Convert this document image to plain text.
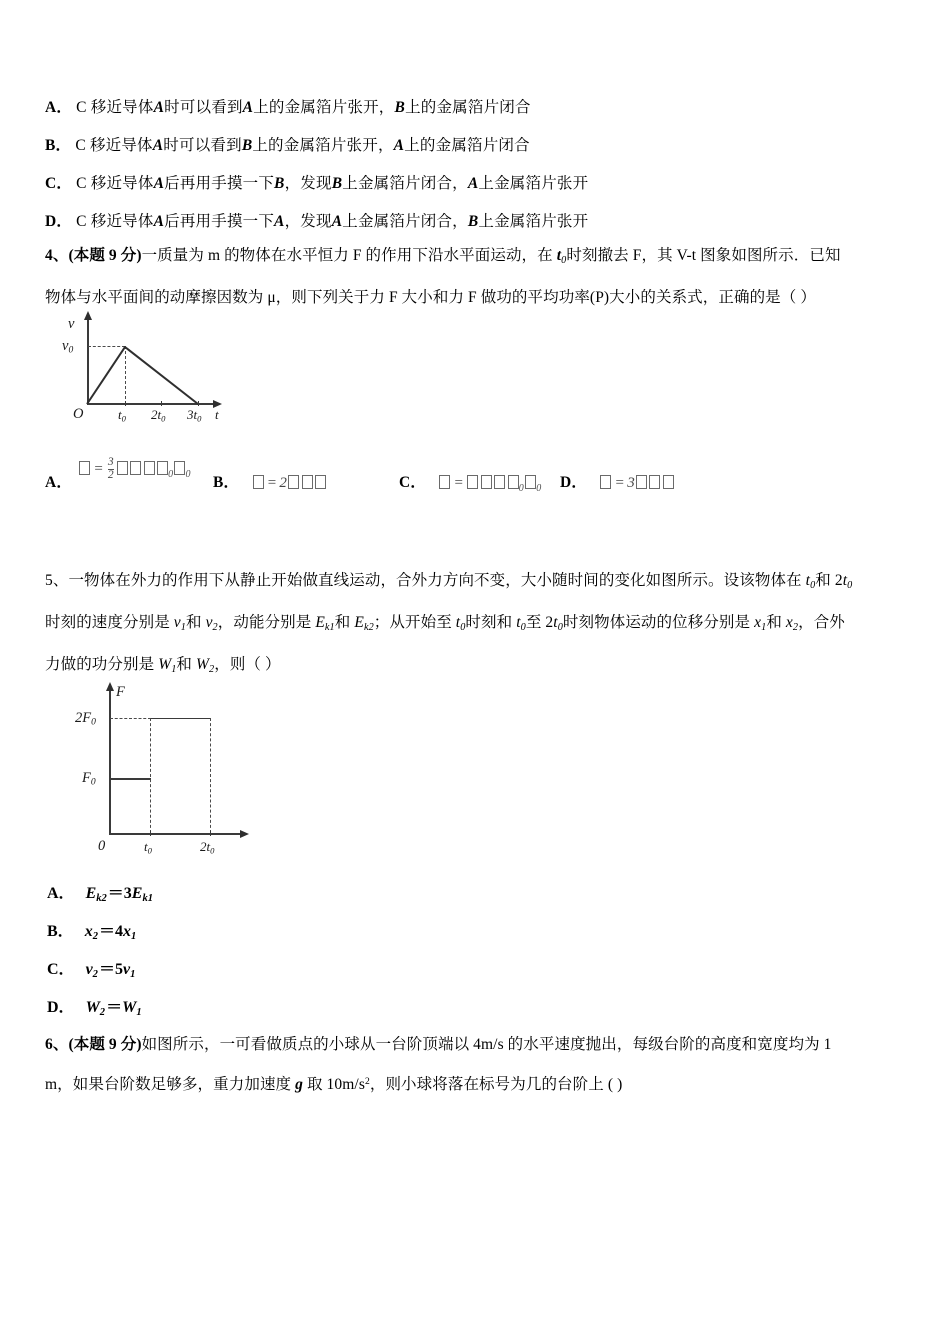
A． C 移近导体A时可以看到A上的金属箔片张开，B上的金属箔片闭合
B． C 移近导体A时可以看到B上的金属箔片张开，A上的金属箔片闭合
C． C 移近导体A后再用手摸一下B，发现B上金属箔片闭合，A上金属箔片张开
D． C 移近导体A后再用手摸一下A，发现A上金属箔片闭合，B上金属箔片张开
4、(本题 9 分)一质量为 m 的物体在水平恒力 F 的作用下沿水平面运动，在 $t_0$时刻撤去 F，其 V-t 图象如图所示．已知
物体与水平面间的动摩擦因数为 μ，则下列关于力 F 大小和力 F 做功的平均功率(P)大小的关系式，正确的是（ ）
v
$v_0$
O	$t_0$ $2t_0$ $3t_0$ t
A．
= $\frac{3}{2}$	0 0 B． = 2	C． =	0 0 D． = 3
5、一物体在外力的作用下从静止开始做直线运动，合外力方向不变，大小随时间的变化如图所示。设该物体在 $t_0$和 $2t_0$
时刻的速度分别是 $v_1$和 $v_2$，动能分别是 $E_{k1}$和 $E_{k2}$；从开始至 $t_0$时刻和 $t_0$至 $2t_0$时刻物体运动的位移分别是 $x_1$和 $x_2$，合外
力做的功分别是 $W_1$和 $W_2$，则（ ）
F
$2F_0$
$F_0$
0	$t_0$	$2t_0$
A． $E_{k2}=3E_{k1}$
B． $x_2=4x_1$
C． $v_2=5v_1$
D． $W_2=W_1$
6、(本题 9 分)如图所示，一可看做质点的小球从一台阶顶端以 4m/s 的水平速度抛出，每级台阶的高度和宽度均为 1
m，如果台阶数足够多，重力加速度 g 取 $10m/s^2$，则小球将落在标号为几的台阶上 ( )
